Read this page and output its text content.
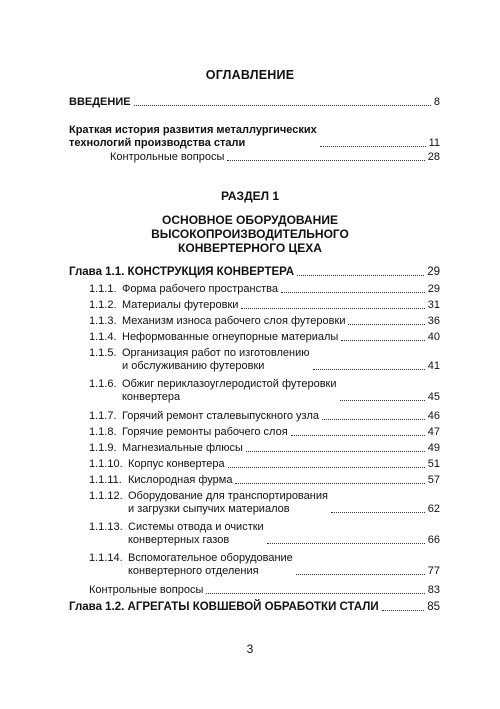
ОГЛАВЛЕНИЕ
ВВЕДЕНИЕ	8
Краткая история развития металлургических
технологий производства стали	11
Контрольные вопросы	28
РАЗДЕЛ 1
ОСНОВНОЕ ОБОРУДОВАНИЕ
ВЫСОКОПРОИЗВОДИТЕЛЬНОГО
КОНВЕРТЕРНОГО ЦЕХА
Глава 1.1. КОНСТРУКЦИЯ КОНВЕРТЕРА	29
1.1.1. Форма рабочего пространства	29
1.1.2. Материалы футеровки	31
1.1.3. Механизм износа рабочего слоя футеровки	36
1.1.4. Неформованные огнеупорные материалы	40
1.1.5. Организация работ по изготовлению
и обслуживанию футеровки	41
1.1.6. Обжиг периклазоуглеродистой футеровки
конвертера	45
1.1.7. Горячий ремонт сталевыпускного узла	46
1.1.8. Горячие ремонты рабочего слоя	47
1.1.9. Магнезиальные флюсы	49
1.1.10. Корпус конвертера	51
1.1.11. Кислородная фурма	57
1.1.12. Оборудование для транспортирования
и загрузки сыпучих материалов	62
1.1.13. Системы отвода и очистки
конвертерных газов	66
1.1.14. Вспомогательное оборудование
конвертерного отделения	77
Контрольные вопросы	83
Глава 1.2. АГРЕГАТЫ КОВШЕВОЙ ОБРАБОТКИ СТАЛИ	85
3
